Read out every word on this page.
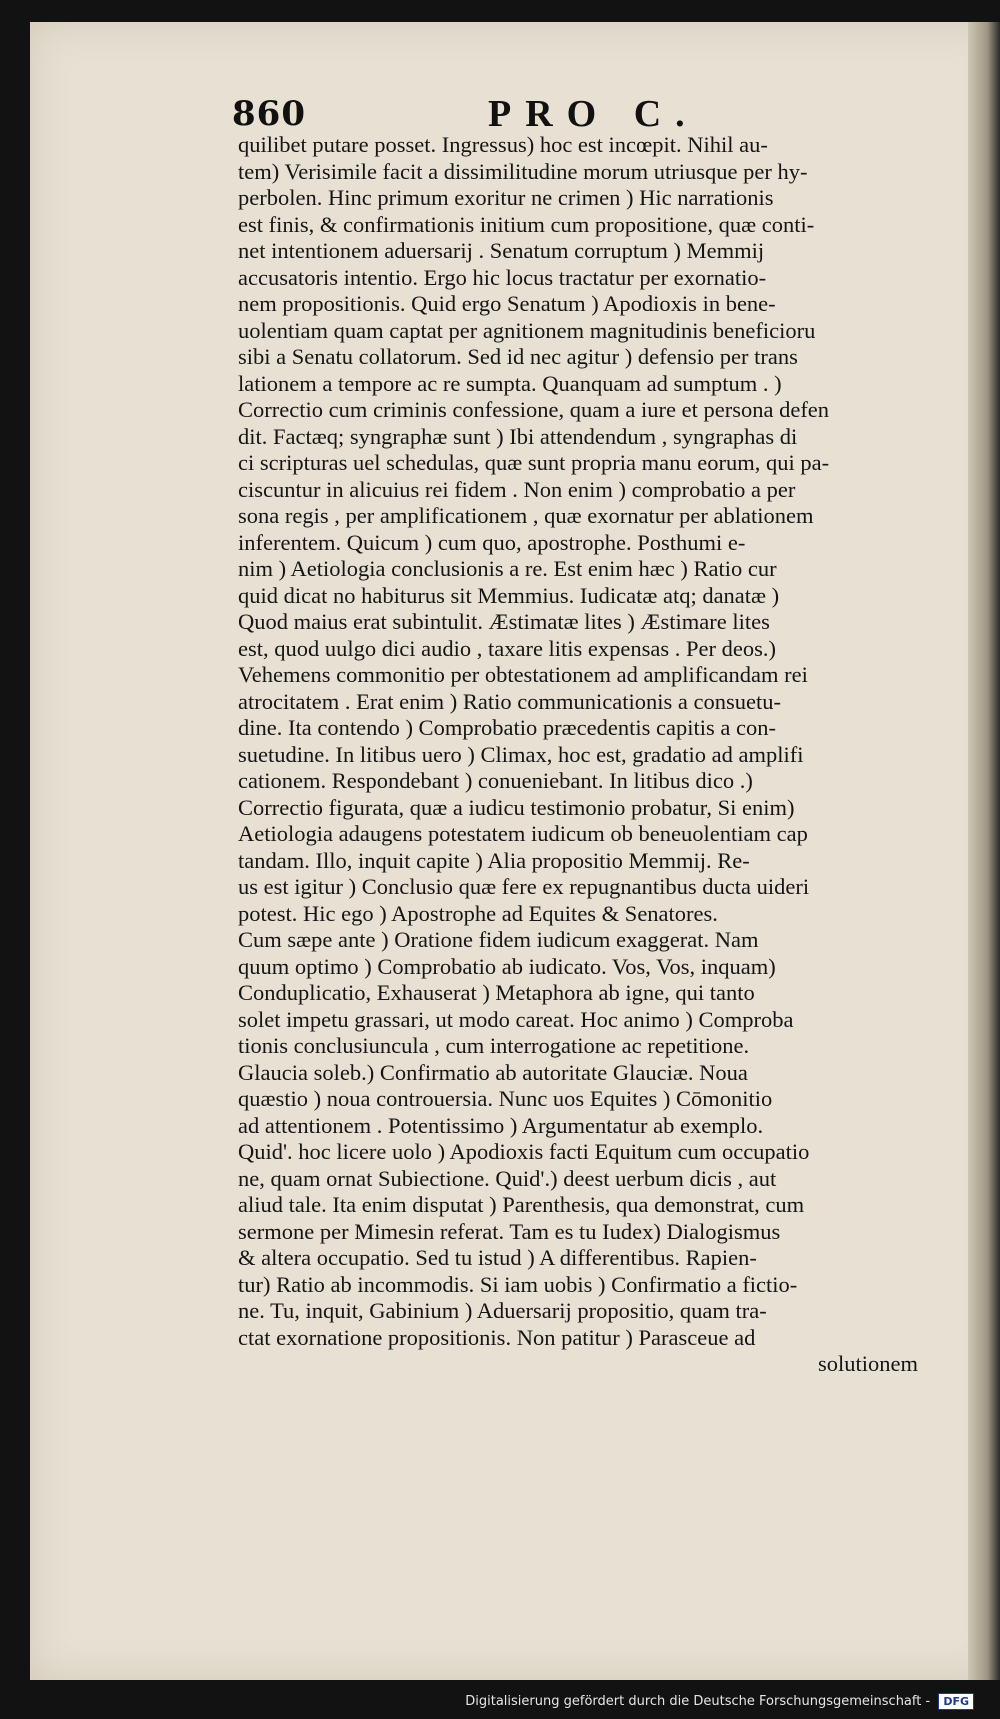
860	PRO C.
quilibet putare posset. Ingressus) hoc est incœpit. Nihil au-
tem) Verisimile facit a dissimilitudine morum utriusque per hy-
perbolen. Hinc primum exoritur ne crimen ) Hic narrationis
est finis, & confirmationis initium cum propositione, quæ conti-
net intentionem aduersarij . Senatum corruptum ) Memmij
accusatoris intentio. Ergo hic locus tractatur per exornatio-
nem propositionis. Quid ergo Senatum ) Apodioxis in bene-
uolentiam quam captat per agnitionem magnitudinis beneficioru
sibi a Senatu collatorum. Sed id nec agitur ) defensio per trans
lationem a tempore ac re sumpta. Quanquam ad sumptum . )
Correctio cum criminis confessione, quam a iure et persona defen
dit. Factæq; syngraphæ sunt ) Ibi attendendum , syngraphas di
ci scripturas uel schedulas, quæ sunt propria manu eorum, qui pa-
ciscuntur in alicuius rei fidem . Non enim ) comprobatio a per
sona regis , per amplificationem , quæ exornatur per ablationem
inferentem. Quicum ) cum quo, apostrophe. Posthumi e-
nim ) Aetiologia conclusionis a re. Est enim hæc ) Ratio cur
quid dicat no habiturus sit Memmius. Iudicatæ atq; danatæ )
Quod maius erat subintulit. Æstimatæ lites ) Æstimare lites
est, quod uulgo dici audio , taxare litis expensas . Per deos.)
Vehemens commonitio per obtestationem ad amplificandam rei
atrocitatem . Erat enim ) Ratio communicationis a consuetu-
dine. Ita contendo ) Comprobatio præcedentis capitis a con-
suetudine. In litibus uero ) Climax, hoc est, gradatio ad amplifi
cationem. Respondebant ) conueniebant. In litibus dico .)
Correctio figurata, quæ a iudicu testimonio probatur, Si enim)
Aetiologia adaugens potestatem iudicum ob beneuolentiam cap
tandam. Illo, inquit capite ) Alia propositio Memmij. Re-
us est igitur ) Conclusio quæ fere ex repugnantibus ducta uideri
potest. Hic ego ) Apostrophe ad Equites & Senatores.
Cum sæpe ante ) Oratione fidem iudicum exaggerat. Nam
quum optimo ) Comprobatio ab iudicato. Vos, Vos, inquam)
Conduplicatio, Exhauserat ) Metaphora ab igne, qui tanto
solet impetu grassari, ut modo careat. Hoc animo ) Comproba
tionis conclusiuncula , cum interrogatione ac repetitione.
Glaucia soleb.) Confirmatio ab autoritate Glauciæ. Noua
quæstio ) noua controuersia. Nunc uos Equites ) Cōmonitio
ad attentionem . Potentissimo ) Argumentatur ab exemplo.
Quid'. hoc licere uolo ) Apodioxis facti Equitum cum occupatio
ne, quam ornat Subiectione. Quid'.) deest uerbum dicis , aut
aliud tale. Ita enim disputat ) Parenthesis, qua demonstrat, cum
sermone per Mimesin referat. Tam es tu Iudex) Dialogismus
& altera occupatio. Sed tu istud ) A differentibus. Rapien-
tur) Ratio ab incommodis. Si iam uobis ) Confirmatio a fictio-
ne. Tu, inquit, Gabinium ) Aduersarij propositio, quam tra-
ctat exornatione propositionis. Non patitur ) Parasceue ad
solutionem
Digitalisierung gefördert durch die Deutsche Forschungsgemeinschaft - DFG
